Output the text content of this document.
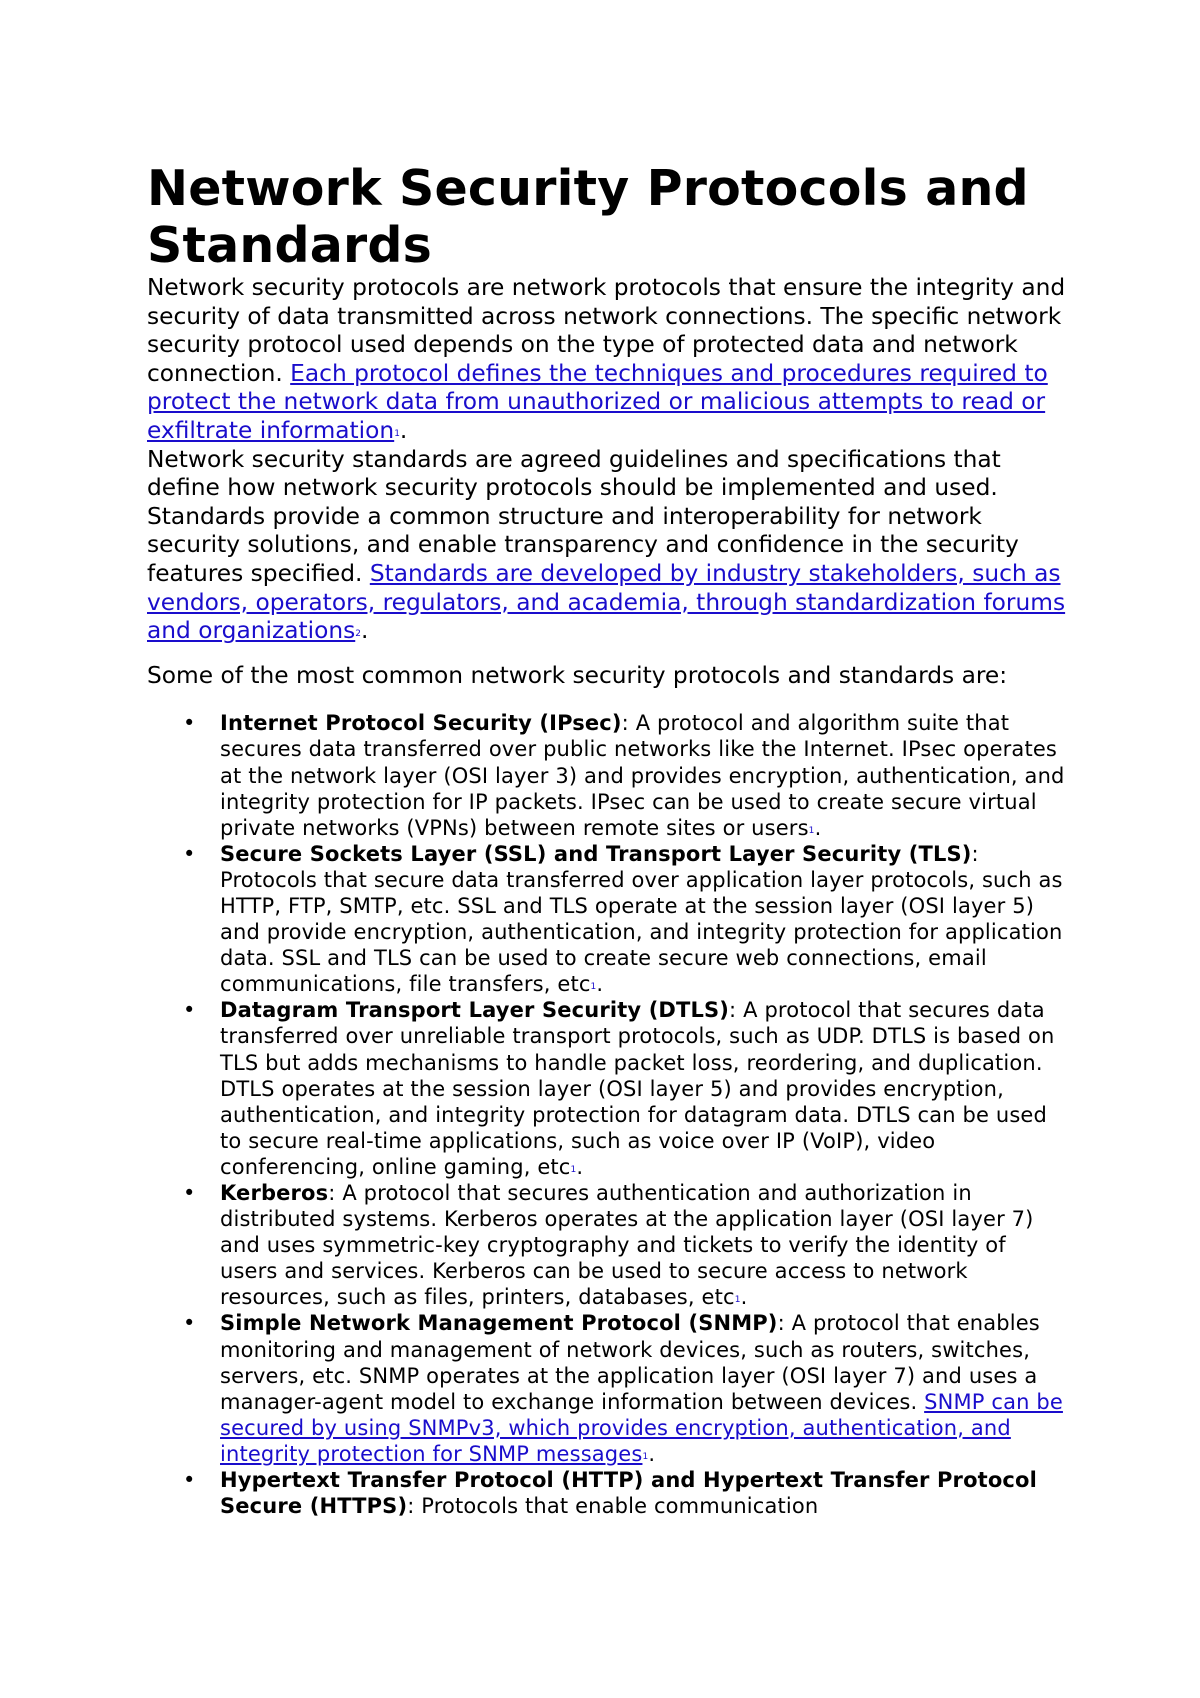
Network Security Protocols and Standards

Network security protocols are network protocols that ensure the integrity and security of data transmitted across network connections. The specific network security protocol used depends on the type of protected data and network connection. Each protocol defines the techniques and procedures required to protect the network data from unauthorized or malicious attempts to read or exfiltrate information$^1$.

Network security standards are agreed guidelines and specifications that define how network security protocols should be implemented and used. Standards provide a common structure and interoperability for network security solutions, and enable transparency and confidence in the security features specified. Standards are developed by industry stakeholders, such as vendors, operators, regulators, and academia, through standardization forums and organizations$^2$.

Some of the most common network security protocols and standards are:

• Internet Protocol Security (IPsec): A protocol and algorithm suite that secures data transferred over public networks like the Internet. IPsec operates at the network layer (OSI layer 3) and provides encryption, authentication, and integrity protection for IP packets. IPsec can be used to create secure virtual private networks (VPNs) between remote sites or users$^1$.
• Secure Sockets Layer (SSL) and Transport Layer Security (TLS): Protocols that secure data transferred over application layer protocols, such as HTTP, FTP, SMTP, etc. SSL and TLS operate at the session layer (OSI layer 5) and provide encryption, authentication, and integrity protection for application data. SSL and TLS can be used to create secure web connections, email communications, file transfers, etc$^1$.
• Datagram Transport Layer Security (DTLS): A protocol that secures data transferred over unreliable transport protocols, such as UDP. DTLS is based on TLS but adds mechanisms to handle packet loss, reordering, and duplication. DTLS operates at the session layer (OSI layer 5) and provides encryption, authentication, and integrity protection for datagram data. DTLS can be used to secure real-time applications, such as voice over IP (VoIP), video conferencing, online gaming, etc$^1$.
• Kerberos: A protocol that secures authentication and authorization in distributed systems. Kerberos operates at the application layer (OSI layer 7) and uses symmetric-key cryptography and tickets to verify the identity of users and services. Kerberos can be used to secure access to network resources, such as files, printers, databases, etc$^1$.
• Simple Network Management Protocol (SNMP): A protocol that enables monitoring and management of network devices, such as routers, switches, servers, etc. SNMP operates at the application layer (OSI layer 7) and uses a manager-agent model to exchange information between devices. SNMP can be secured by using SNMPv3, which provides encryption, authentication, and integrity protection for SNMP messages$^1$.
• Hypertext Transfer Protocol (HTTP) and Hypertext Transfer Protocol Secure (HTTPS): Protocols that enable communication
